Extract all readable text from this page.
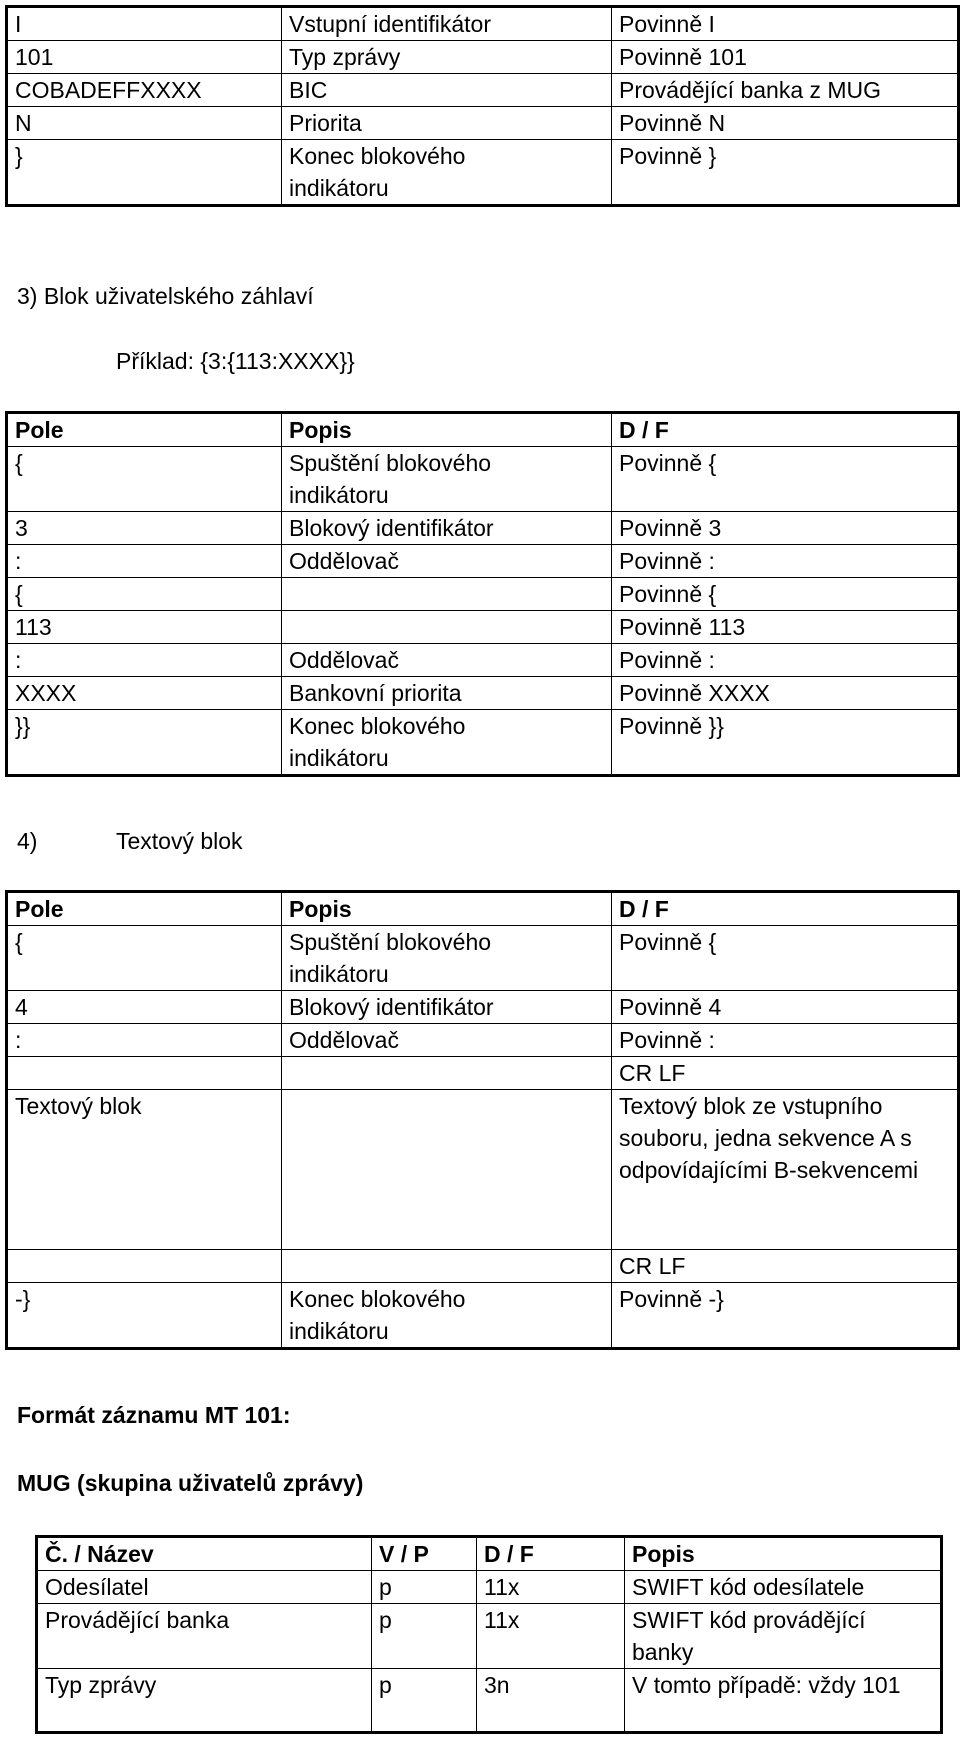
I	Vstupní identifikátor	Povinně I
101	Typ zprávy	Povinně 101
COBADEFFXXXX	BIC	Provádějící banka z MUG
N	Priorita	Povinně N
}	Konec blokového indikátoru	Povinně }
3) Blok uživatelského záhlaví
Příklad: {3:{113:XXXX}}
Pole	Popis	D / F
{	Spuštění blokového indikátoru	Povinně {
3	Blokový identifikátor	Povinně 3
:	Oddělovač	Povinně :
{		Povinně {
113		Povinně 113
:	Oddělovač	Povinně :
XXXX	Bankovní priorita	Povinně XXXX
}}	Konec blokového indikátoru	Povinně }}
4)	Textový blok
Pole	Popis	D / F
{	Spuštění blokového indikátoru	Povinně {
4	Blokový identifikátor	Povinně 4
:	Oddělovač	Povinně :
		CR LF
Textový blok		Textový blok ze vstupního souboru, jedna sekvence A s odpovídajícími B-sekvencemi
		CR LF
-}	Konec blokového indikátoru	Povinně -}
Formát záznamu MT 101:
MUG (skupina uživatelů zprávy)
Č. / Název	V / P	D / F	Popis
Odesílatel	p	11x	SWIFT kód odesílatele
Provádějící banka	p	11x	SWIFT kód provádějící banky
Typ zprávy	p	3n	V tomto případě: vždy 101
